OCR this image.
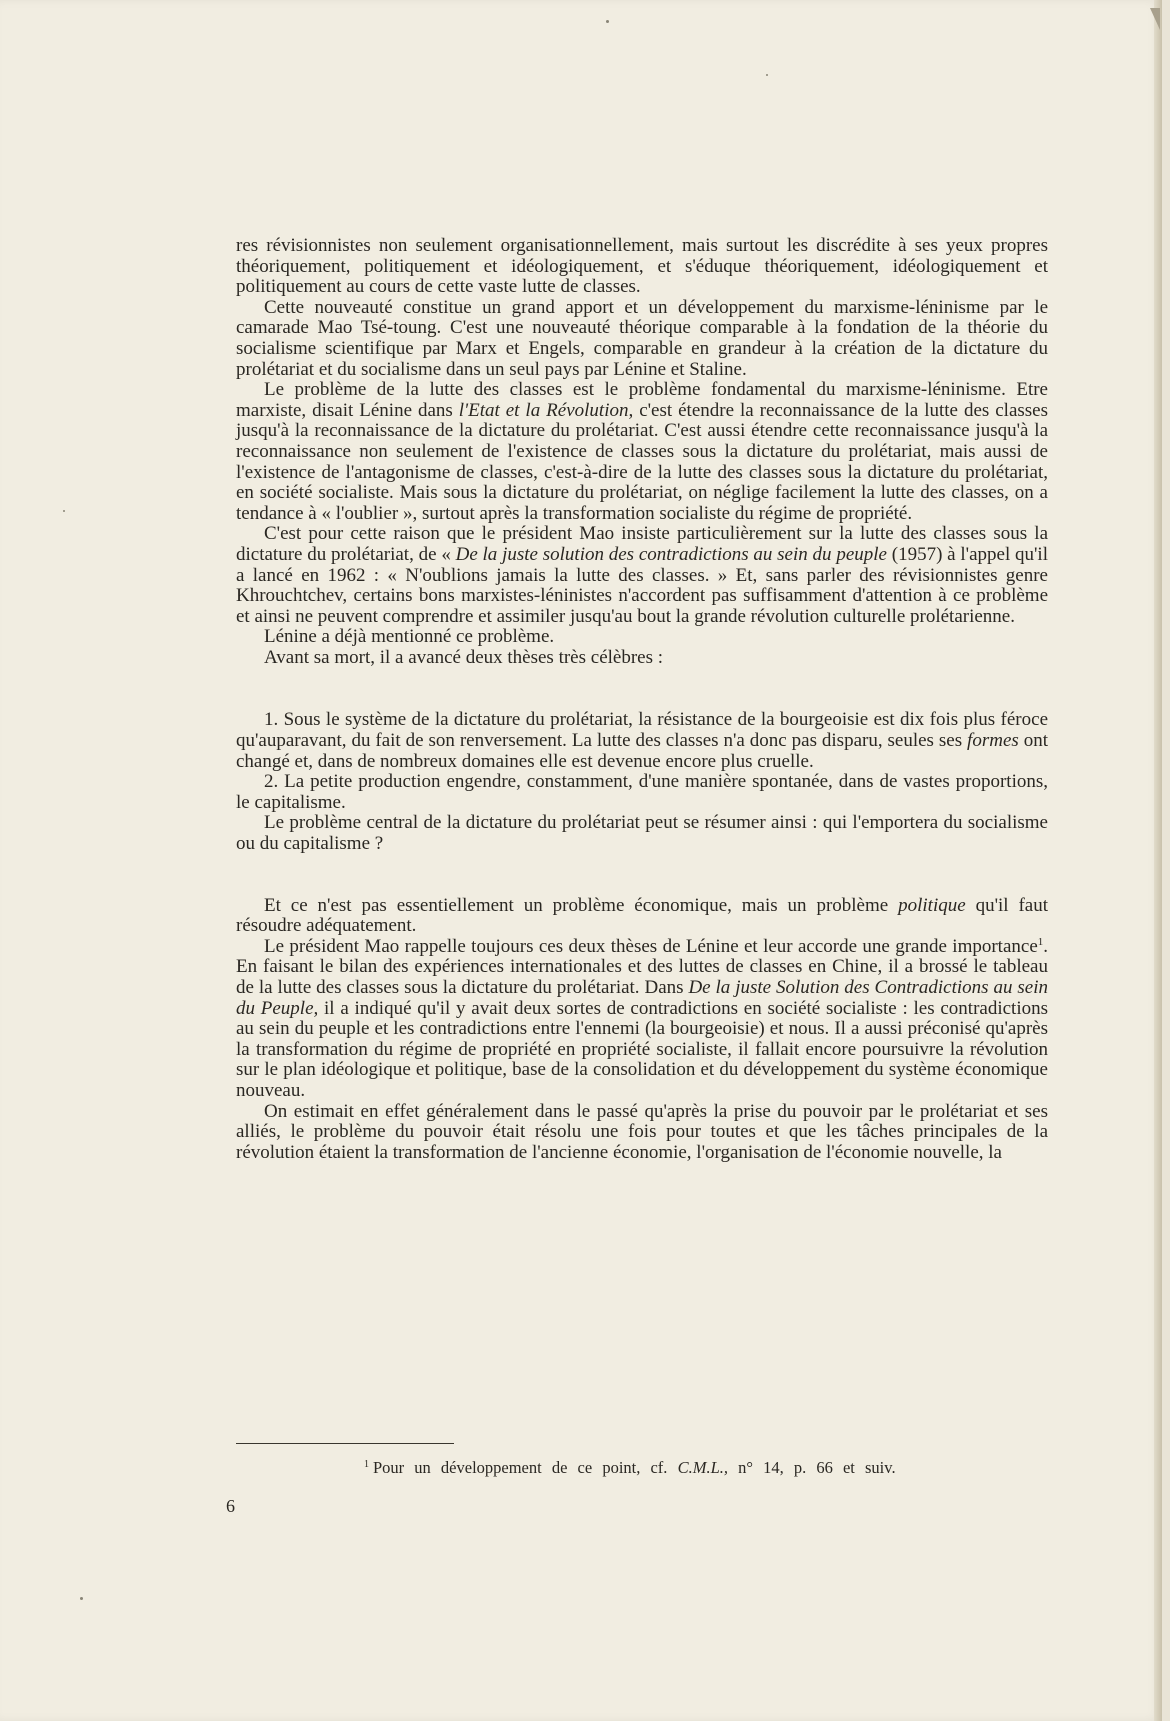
res révisionnistes non seulement organisationnellement, mais surtout les discrédite à ses yeux propres théoriquement, politiquement et idéologiquement, et s'éduque théoriquement, idéologiquement et politiquement au cours de cette vaste lutte de classes.

Cette nouveauté constitue un grand apport et un développement du marxisme-léninisme par le camarade Mao Tsé-toung. C'est une nouveauté théorique comparable à la fondation de la théorie du socialisme scientifique par Marx et Engels, comparable en grandeur à la création de la dictature du prolétariat et du socialisme dans un seul pays par Lénine et Staline.

Le problème de la lutte des classes est le problème fondamental du marxisme-léninisme. Etre marxiste, disait Lénine dans l'Etat et la Révolution, c'est étendre la reconnaissance de la lutte des classes jusqu'à la reconnaissance de la dictature du prolétariat. C'est aussi étendre cette reconnaissance jusqu'à la reconnaissance non seulement de l'existence de classes sous la dictature du prolétariat, mais aussi de l'existence de l'antagonisme de classes, c'est-à-dire de la lutte des classes sous la dictature du prolétariat, en société socialiste. Mais sous la dictature du prolétariat, on néglige facilement la lutte des classes, on a tendance à « l'oublier », surtout après la transformation socialiste du régime de propriété.

C'est pour cette raison que le président Mao insiste particulièrement sur la lutte des classes sous la dictature du prolétariat, de « De la juste solution des contradictions au sein du peuple (1957) à l'appel qu'il a lancé en 1962 : « N'oublions jamais la lutte des classes. » Et, sans parler des révisionnistes genre Khrouchtchev, certains bons marxistes-léninistes n'accordent pas suffisamment d'attention à ce problème et ainsi ne peuvent comprendre et assimiler jusqu'au bout la grande révolution culturelle prolétarienne.

Lénine a déjà mentionné ce problème.

Avant sa mort, il a avancé deux thèses très célèbres :

1. Sous le système de la dictature du prolétariat, la résistance de la bourgeoisie est dix fois plus féroce qu'auparavant, du fait de son renversement. La lutte des classes n'a donc pas disparu, seules ses formes ont changé et, dans de nombreux domaines elle est devenue encore plus cruelle.

2. La petite production engendre, constamment, d'une manière spontanée, dans de vastes proportions, le capitalisme.

Le problème central de la dictature du prolétariat peut se résumer ainsi : qui l'emportera du socialisme ou du capitalisme ?

Et ce n'est pas essentiellement un problème économique, mais un problème politique qu'il faut résoudre adéquatement.

Le président Mao rappelle toujours ces deux thèses de Lénine et leur accorde une grande importance$^1$. En faisant le bilan des expériences internationales et des luttes de classes en Chine, il a brossé le tableau de la lutte des classes sous la dictature du prolétariat. Dans De la juste Solution des Contradictions au sein du Peuple, il a indiqué qu'il y avait deux sortes de contradictions en société socialiste : les contradictions au sein du peuple et les contradictions entre l'ennemi (la bourgeoisie) et nous. Il a aussi préconisé qu'après la transformation du régime de propriété en propriété socialiste, il fallait encore poursuivre la révolution sur le plan idéologique et politique, base de la consolidation et du développement du système économique nouveau.

On estimait en effet généralement dans le passé qu'après la prise du pouvoir par le prolétariat et ses alliés, le problème du pouvoir était résolu une fois pour toutes et que les tâches principales de la révolution étaient la transformation de l'ancienne économie, l'organisation de l'économie nouvelle, la

$^1$ Pour un développement de ce point, cf. C.M.L., n° 14, p. 66 et suiv.
6
